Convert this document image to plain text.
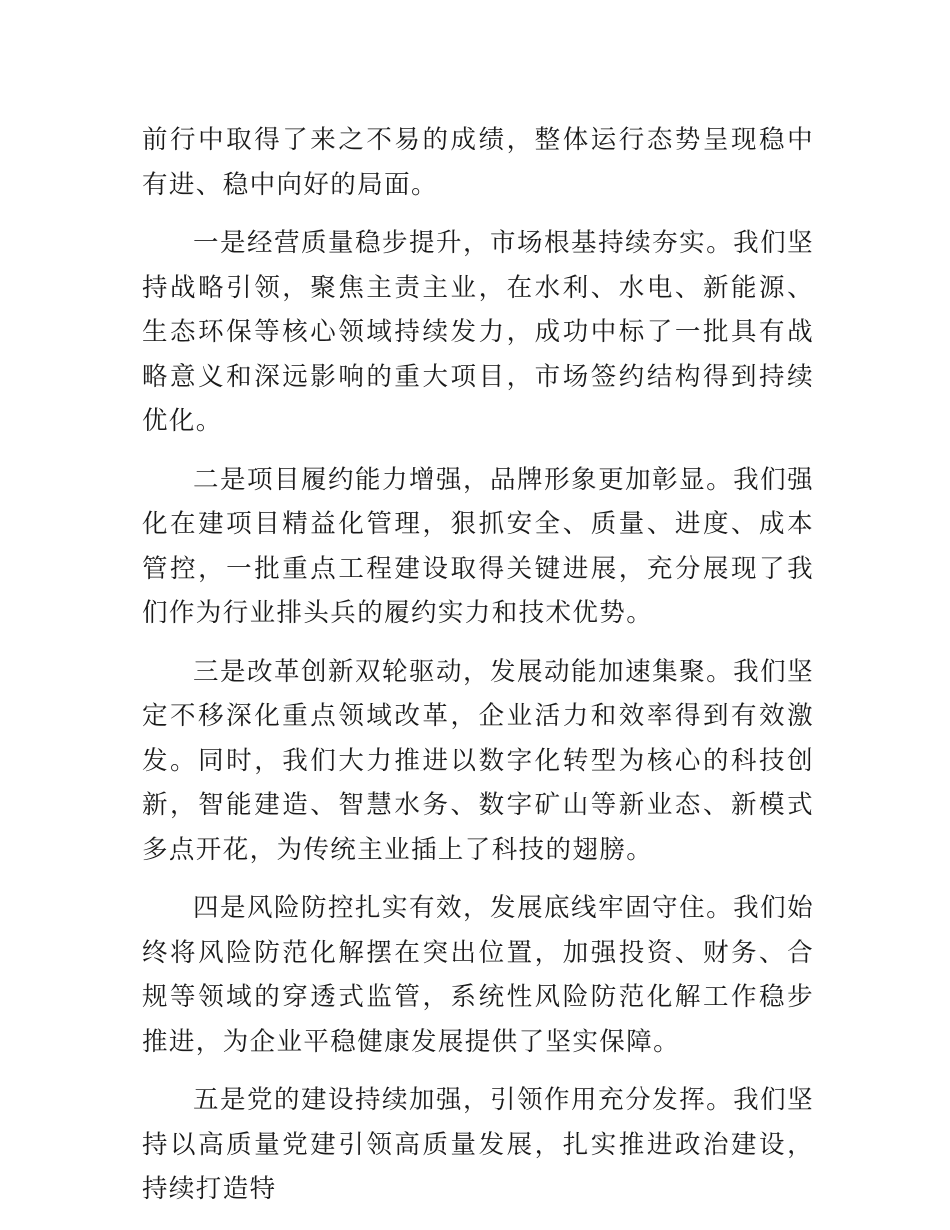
前行中取得了来之不易的成绩，整体运行态势呈现稳中有进、稳中向好的局面。

一是经营质量稳步提升，市场根基持续夯实。我们坚持战略引领，聚焦主责主业，在水利、水电、新能源、生态环保等核心领域持续发力，成功中标了一批具有战略意义和深远影响的重大项目，市场签约结构得到持续优化。

二是项目履约能力增强，品牌形象更加彰显。我们强化在建项目精益化管理，狠抓安全、质量、进度、成本管控，一批重点工程建设取得关键进展，充分展现了我们作为行业排头兵的履约实力和技术优势。

三是改革创新双轮驱动，发展动能加速集聚。我们坚定不移深化重点领域改革，企业活力和效率得到有效激发。同时，我们大力推进以数字化转型为核心的科技创新，智能建造、智慧水务、数字矿山等新业态、新模式多点开花，为传统主业插上了科技的翅膀。

四是风险防控扎实有效，发展底线牢固守住。我们始终将风险防范化解摆在突出位置，加强投资、财务、合规等领域的穿透式监管，系统性风险防范化解工作稳步推进，为企业平稳健康发展提供了坚实保障。

五是党的建设持续加强，引领作用充分发挥。我们坚持以高质量党建引领高质量发展，扎实推进政治建设，持续打造特
